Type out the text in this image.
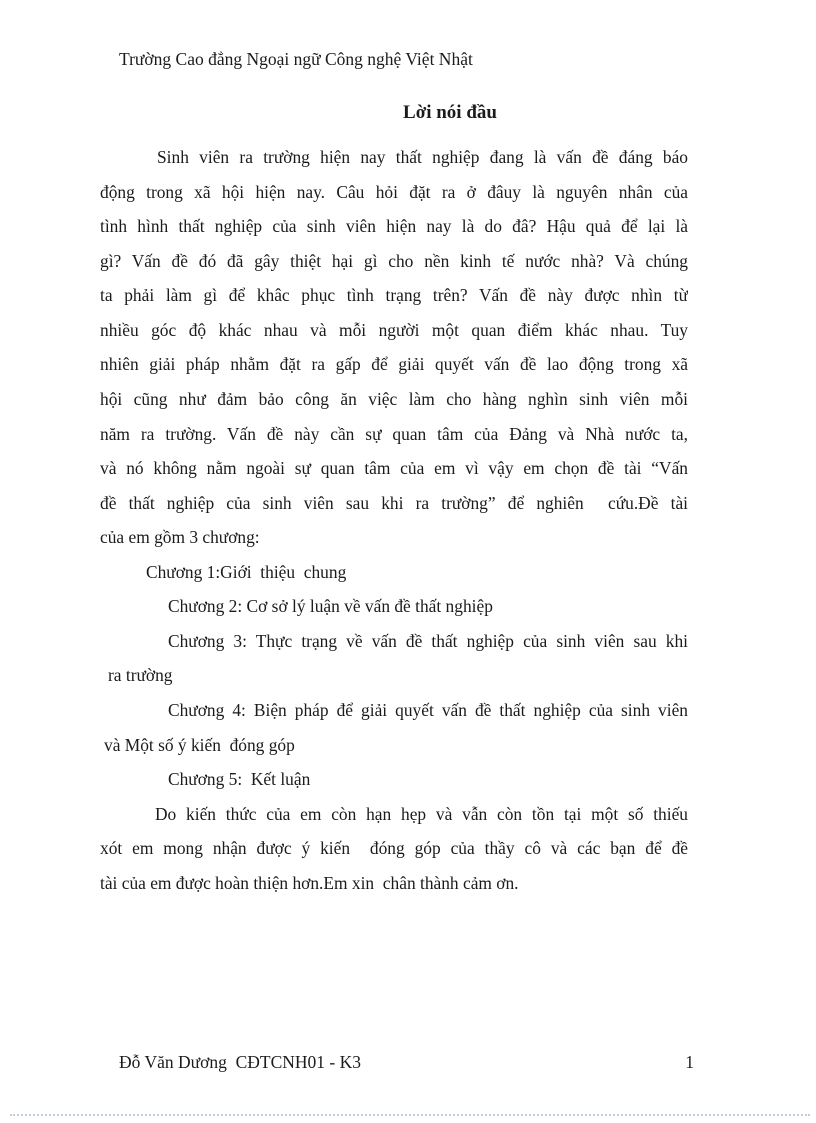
Trường Cao đẳng Ngoại ngữ Công nghệ Việt Nhật
Lời nói đầu
Sinh viên ra trường hiện nay thất nghiệp đang là vấn đề đáng báo
động trong xã hội hiện nay. Câu hỏi đặt ra ở đâuy là nguyên nhân của
tình hình thất nghiệp của sinh viên hiện nay là do đâ? Hậu quả để lại là
gì? Vấn đề đó đã gây thiệt hại gì cho nền kinh tế nước nhà? Và chúng
ta phải làm gì để khâc phục tình trạng trên? Vấn đề này được nhìn từ
nhiều góc độ khác nhau và mỗi người một quan điểm khác nhau. Tuy
nhiên giải pháp nhằm đặt ra gấp để giải quyết vấn đề lao động trong xã
hội cũng như đảm bảo công ăn việc làm cho hàng nghìn sinh viên mỗi
năm ra trường. Vấn đề này cần sự quan tâm của Đảng và Nhà nước ta,
và nó không nằm ngoài sự quan tâm của em vì vậy em chọn đề tài “Vấn
đề thất nghiệp của sinh viên sau khi ra trường” để nghiên  cứu.Đề tài
của em gồm 3 chương:
Chương 1:Giới  thiệu  chung
Chương 2: Cơ sở lý luận về vấn đề thất nghiệp
Chương 3: Thực trạng về vấn đề thất nghiệp của sinh viên sau khi
ra trường
Chương 4: Biện pháp để giải quyết vấn đề thất nghiệp của sinh viên
và Một số ý kiến  đóng góp
Chương 5:  Kết luận
Do kiến thức của em còn hạn hẹp và vẫn còn tồn tại một số thiếu
xót em mong nhận được ý kiến  đóng góp của thầy cô và các bạn để đề
tài của em được hoàn thiện hơn.Em xin  chân thành cảm ơn.
Đỗ Văn Dương  CĐTCNH01 - K3	1
